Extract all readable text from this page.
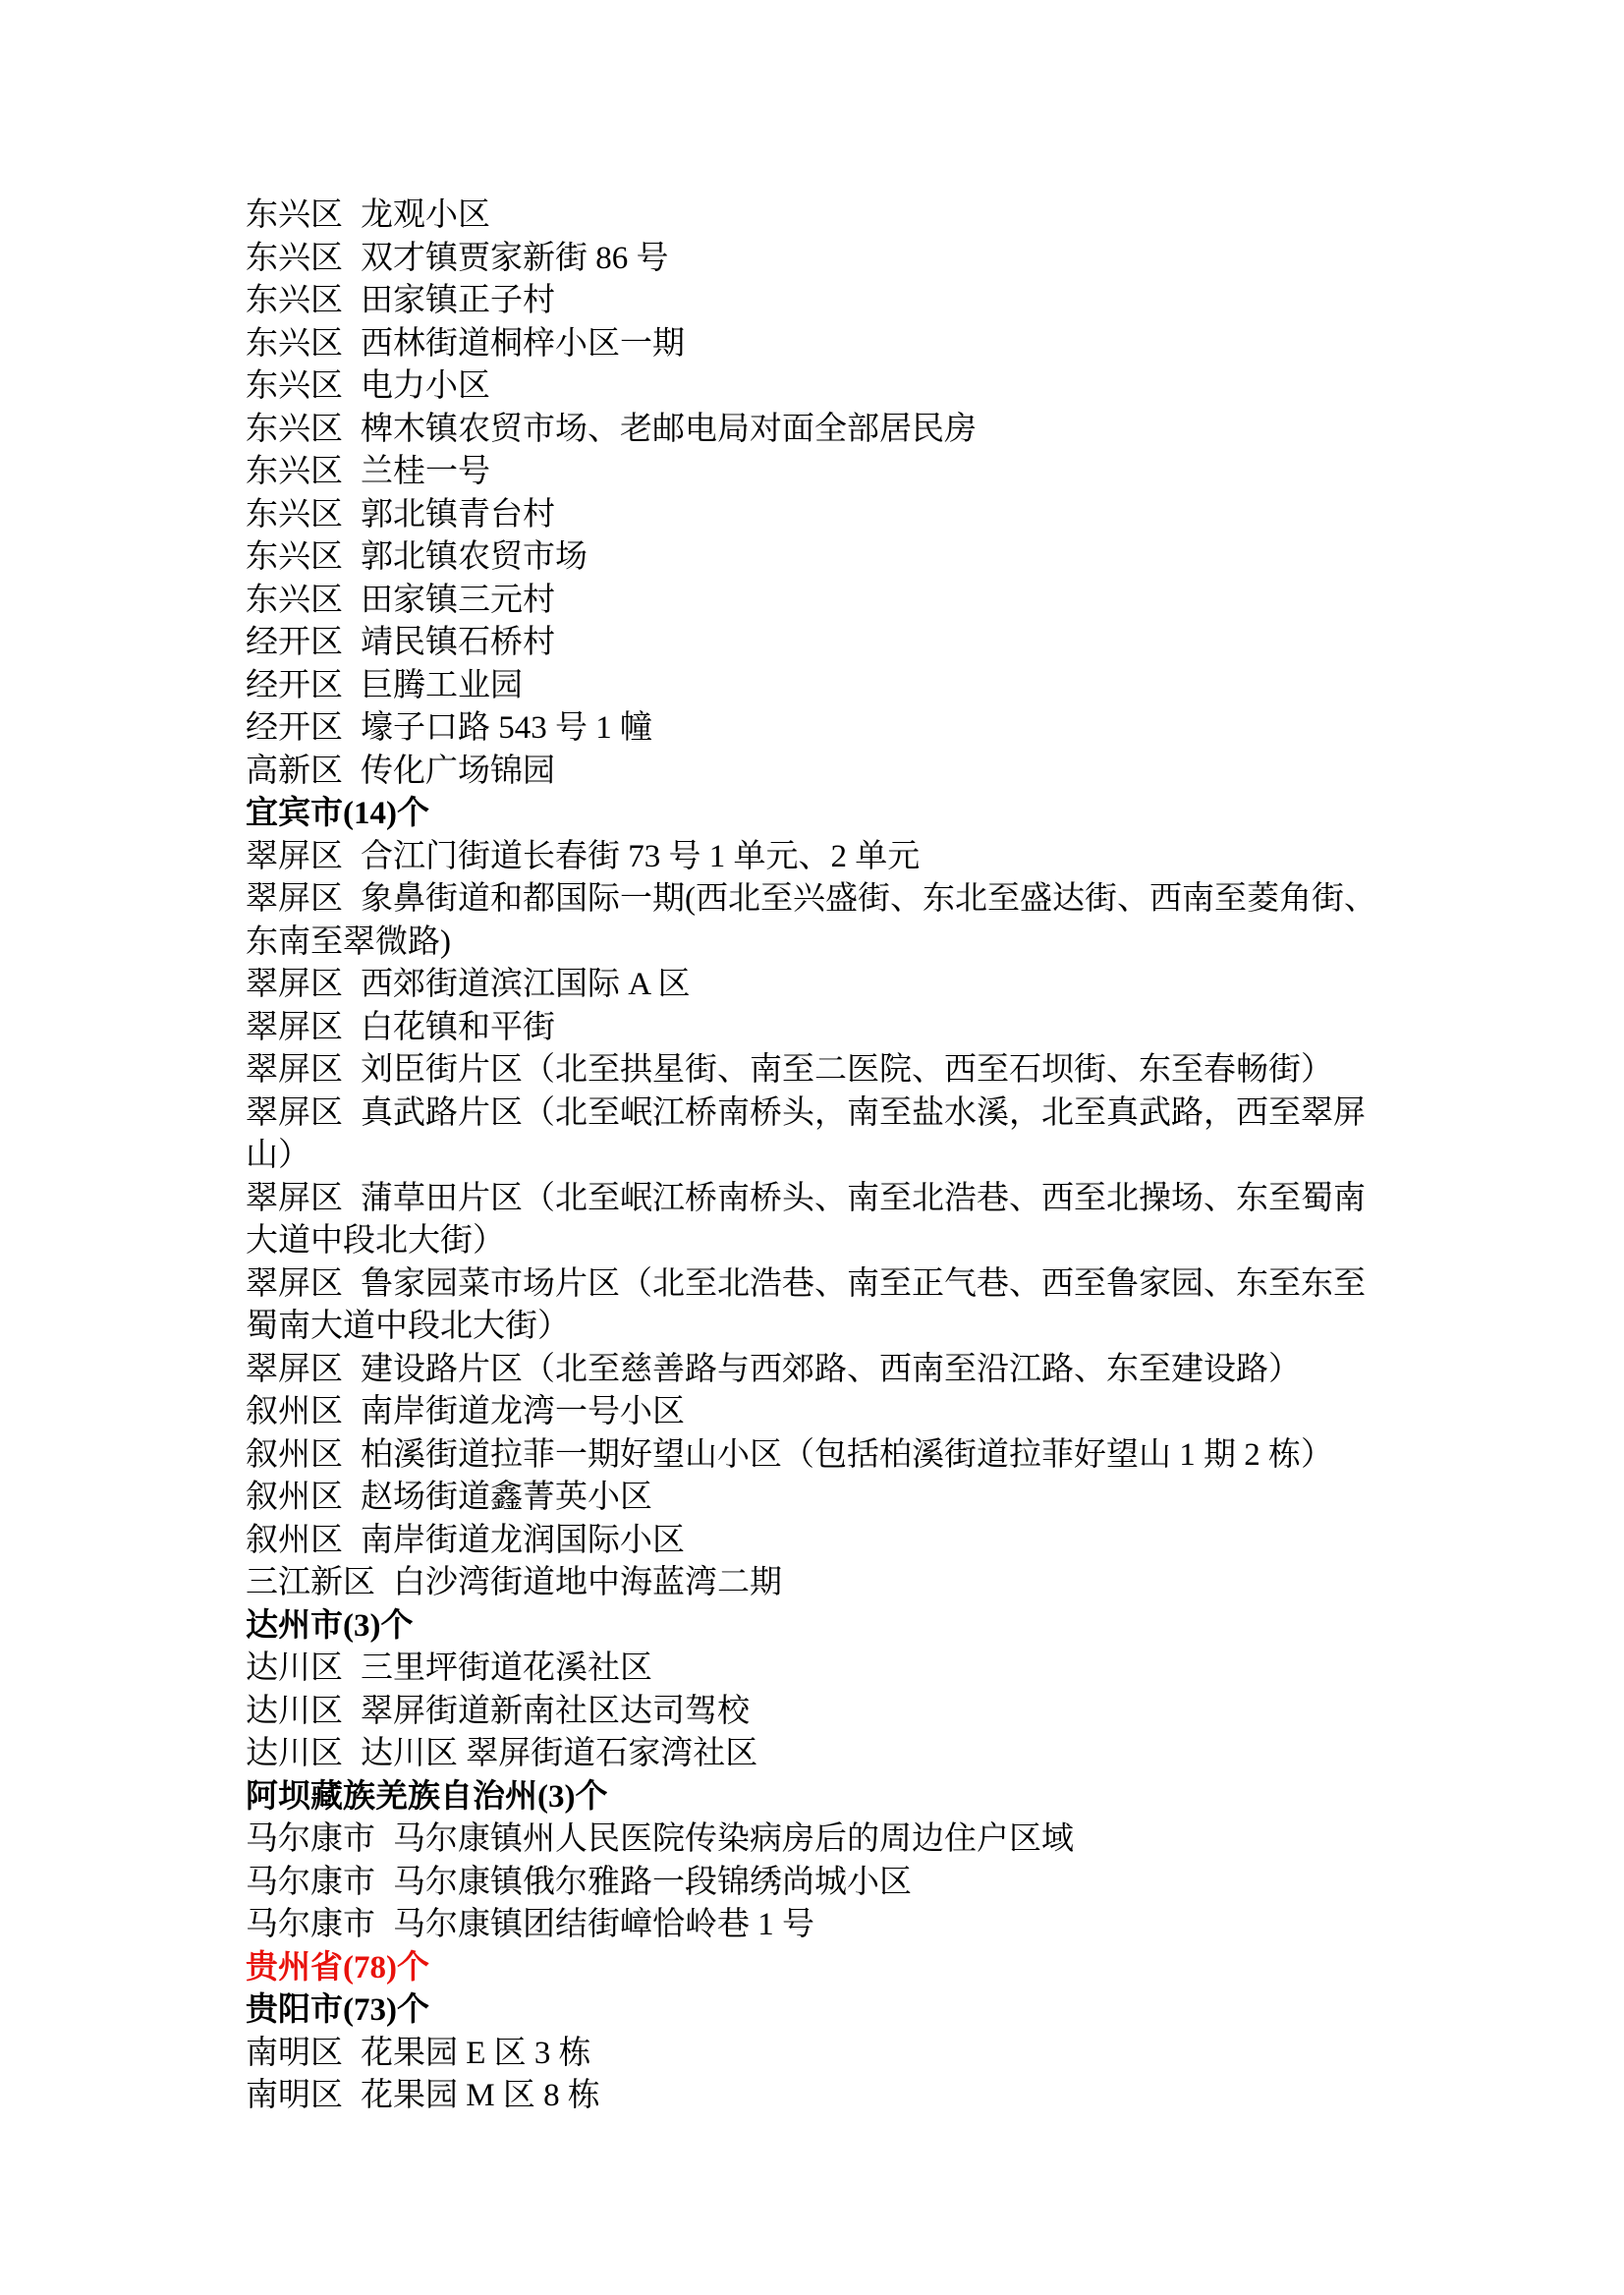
东兴区 龙观小区

东兴区 双才镇贾家新街 86 号

东兴区 田家镇正子村

东兴区 西林街道桐梓小区一期

东兴区 电力小区

东兴区 椑木镇农贸市场、老邮电局对面全部居民房

东兴区 兰桂一号

东兴区 郭北镇青台村

东兴区 郭北镇农贸市场

东兴区 田家镇三元村

经开区 靖民镇石桥村

经开区 巨腾工业园

经开区 壕子口路 543 号 1 幢

高新区 传化广场锦园

宜宾市(14)个

翠屏区 合江门街道长春街 73 号 1 单元、2 单元

翠屏区 象鼻街道和都国际一期(西北至兴盛街、东北至盛达街、西南至菱角街、东南至翠微路)

翠屏区 西郊街道滨江国际 A 区

翠屏区 白花镇和平街

翠屏区 刘臣街片区（北至拱星街、南至二医院、西至石坝街、东至春畅街）

翠屏区 真武路片区（北至岷江桥南桥头，南至盐水溪，北至真武路，西至翠屏山）

翠屏区 蒲草田片区（北至岷江桥南桥头、南至北浩巷、西至北操场、东至蜀南大道中段北大街）

翠屏区 鲁家园菜市场片区（北至北浩巷、南至正气巷、西至鲁家园、东至东至蜀南大道中段北大街）

翠屏区 建设路片区（北至慈善路与西郊路、西南至沿江路、东至建设路）

叙州区 南岸街道龙湾一号小区

叙州区 柏溪街道拉菲一期好望山小区（包括柏溪街道拉菲好望山 1 期 2 栋）

叙州区 赵场街道鑫菁英小区

叙州区 南岸街道龙润国际小区

三江新区 白沙湾街道地中海蓝湾二期

达州市(3)个

达川区 三里坪街道花溪社区

达川区 翠屏街道新南社区达司驾校

达川区 达川区 翠屏街道石家湾社区

阿坝藏族羌族自治州(3)个

马尔康市 马尔康镇州人民医院传染病房后的周边住户区域

马尔康市 马尔康镇俄尔雅路一段锦绣尚城小区

马尔康市 马尔康镇团结街嶂恰岭巷 1 号

贵州省(78)个

贵阳市(73)个

南明区 花果园 E 区 3 栋

南明区 花果园 M 区 8 栋
